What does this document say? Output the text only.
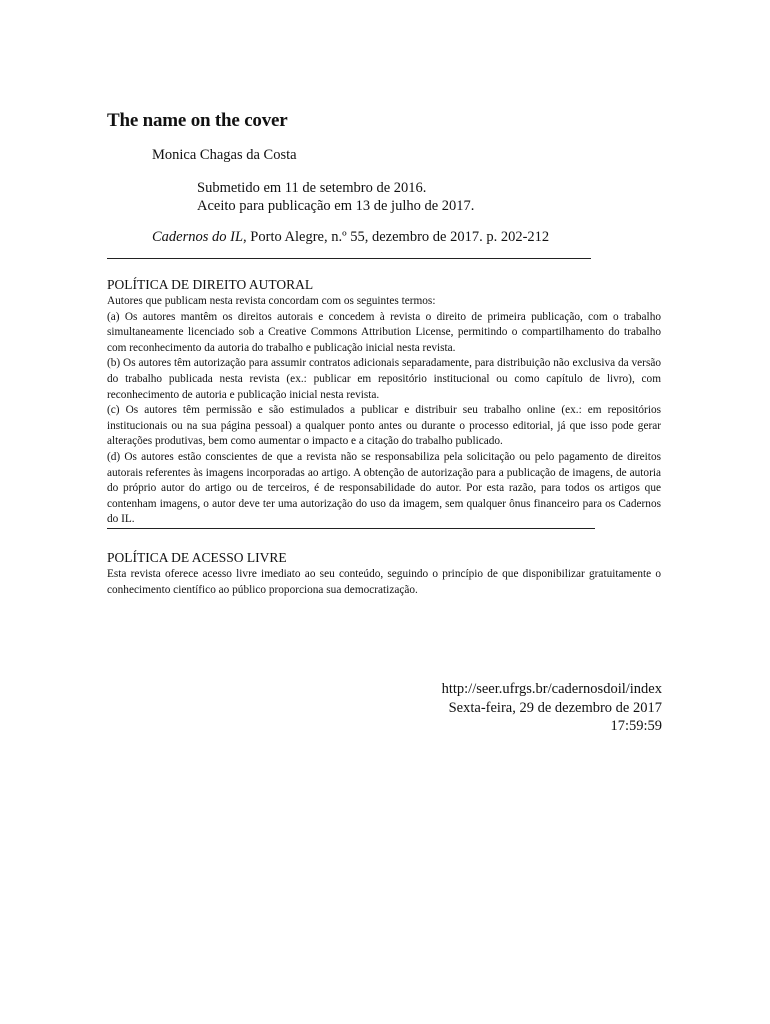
The name on the cover
Monica Chagas da Costa
Submetido em 11 de setembro de 2016.
Aceito para publicação em 13 de julho de 2017.
Cadernos do IL, Porto Alegre, n.º 55, dezembro de 2017. p. 202-212
POLÍTICA DE DIREITO AUTORAL

Autores que publicam nesta revista concordam com os seguintes termos:

(a) Os autores mantêm os direitos autorais e concedem à revista o direito de primeira publicação, com o trabalho simultaneamente licenciado sob a Creative Commons Attribution License, permitindo o compartilhamento do trabalho com reconhecimento da autoria do trabalho e publicação inicial nesta revista.

(b) Os autores têm autorização para assumir contratos adicionais separadamente, para distribuição não exclusiva da versão do trabalho publicada nesta revista (ex.: publicar em repositório institucional ou como capítulo de livro), com reconhecimento de autoria e publicação inicial nesta revista.

(c) Os autores têm permissão e são estimulados a publicar e distribuir seu trabalho online (ex.: em repositórios institucionais ou na sua página pessoal) a qualquer ponto antes ou durante o processo editorial, já que isso pode gerar alterações produtivas, bem como aumentar o impacto e a citação do trabalho publicado.

(d) Os autores estão conscientes de que a revista não se responsabiliza pela solicitação ou pelo pagamento de direitos autorais referentes às imagens incorporadas ao artigo. A obtenção de autorização para a publicação de imagens, de autoria do próprio autor do artigo ou de terceiros, é de responsabilidade do autor. Por esta razão, para todos os artigos que contenham imagens, o autor deve ter uma autorização do uso da imagem, sem qualquer ônus financeiro para os Cadernos do IL.

POLÍTICA DE ACESSO LIVRE

Esta revista oferece acesso livre imediato ao seu conteúdo, seguindo o princípio de que disponibilizar gratuitamente o conhecimento científico ao público proporciona sua democratização.

http://seer.ufrgs.br/cadernosdoil/index
Sexta-feira, 29 de dezembro de 2017
17:59:59
